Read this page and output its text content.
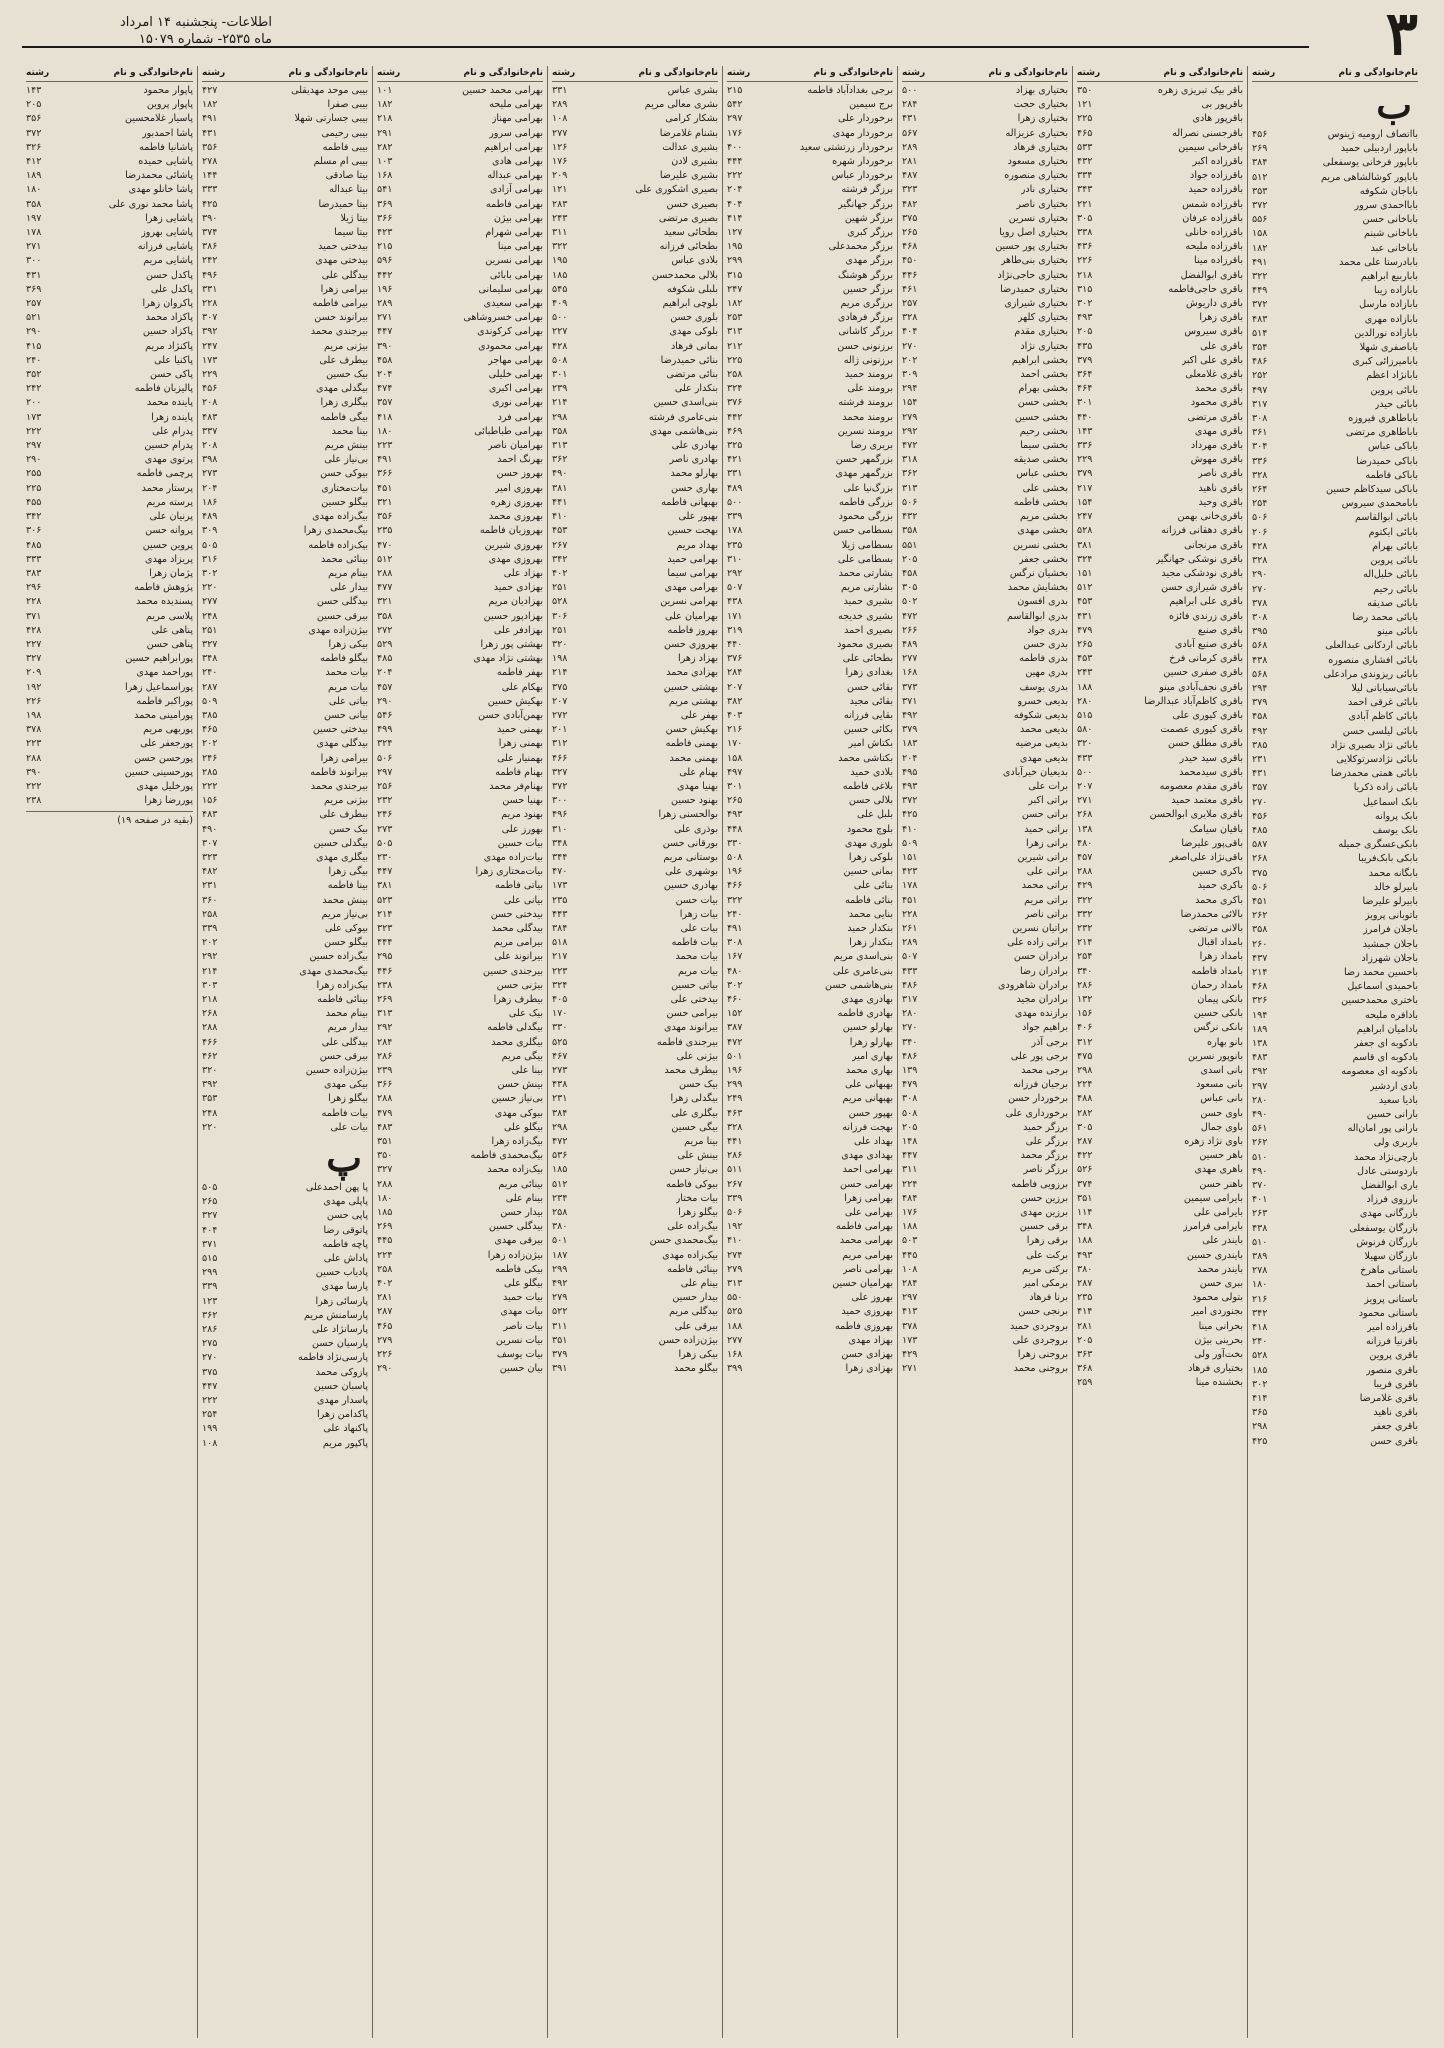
۳
اطلاعات- پنجشنبه ۱۴ امرداد
ماه ۲۵۳۵- شماره ۱۵۰۷۹
نام‌خانوادگی و نام
رشته
ب
بااتصاف ارومیه ژینوس
۴۵۶
باباپور اردبیلی حمید
۲۶۹
باباپور فرخانی یوسفعلی
۳۸۴
باباپور کوشالشاهی مریم
۵۱۲
باباجان شکوفه
۳۵۳
بابااحمدی سرور
۳۷۲
باباخانی حسن
۵۵۶
باباخانی شبنم
۱۵۸
باباخانی عبد
۱۸۲
بابادرستا علی محمد
۴۹۱
باباربیع ابراهیم
۳۲۲
بابازاده زیبا
۴۴۹
بابازاده مارسل
۳۷۲
بابازاده مهری
۴۸۳
بابازاده نورالدین
۵۱۴
باباصفری شهلا
۳۵۴
بابامیرزائی کبری
۴۸۶
بابانژاد اعظم
۲۵۲
بابائی پروین
۴۹۷
بابائی حیدر
۳۱۷
باباطاهری فیروزه
۳۰۸
باباطاهری مرتضی
۳۶۱
باباکی عباس
۳۰۴
باباکی حمیدرضا
۳۳۶
باباکی فاطمه
۳۲۸
باباکی سیدکاظم حسین
۲۶۴
بابامحمدی سیروس
۲۵۴
بابائی ابوالقاسم
۵۰۶
بابائی ایکتوم
۲۰۶
بابائی بهرام
۴۲۸
بابائی پروین
۳۲۸
بابائی خلیل‌اله
۲۹۰
بابائی رحیم
۲۷۰
بابائی صدیقه
۳۷۸
بابائی محمد رضا
۳۰۸
بابائی مینو
۳۹۵
بابائی اردکانی عبدالعلی
۵۶۸
بابائی افشاری منصوره
۴۳۸
بابائی ریزوندی مرادعلی
۵۶۸
بابائی‌سیابانی لیلا
۲۹۴
بابائی غرقی احمد
۳۷۹
بابائی کاظم آبادی
۴۵۸
بابائی لیلسی حسن
۴۹۲
بابائی نژاد بصیری نژاد
۳۸۵
بابائی نژادسرتوکلایی
۲۳۱
بابائی همتی محمدرضا
۴۳۱
بابائی زاده ذکریا
۳۵۷
بابک اسماعیل
۲۷۰
بابک پروانه
۴۵۶
بابک یوسف
۴۸۵
بابکی‌عسگری جمیله
۵۸۷
بابکی بابک‌فریبا
۲۶۸
بابگانه محمد
۳۷۵
بابیرلو خالد
۵۰۶
بابیرلو علیرضا
۴۵۱
باتوبانی پرویز
۲۶۲
باجلان فرامرز
۳۵۸
باجلان جمشید
۲۶۰
باجلان شهرزاد
۴۳۷
باحسین محمد رضا
۲۱۴
باحمیدی اسماعیل
۴۶۸
باختری محمدحسین
۳۲۶
بادافره ملیحه
۱۹۴
بادامیان ابراهیم
۱۸۹
بادکوبه ای جعفر
۱۳۸
بادکوبه ای قاسم
۴۸۳
بادکوبه ای معصومه
۳۹۲
بادی اردشیر
۲۹۷
بادیا سعید
۲۸۰
بارانی حسین
۴۹۰
بارانی پور امان‌اله
۵۶۱
باربری ولی
۲۶۲
بارچی‌نژاد محمد
۵۱۰
باردوستی عادل
۴۹۰
باری ابوالفضل
۳۷۰
بارزوی فرزاد
۴۰۱
بازرگانی مهدی
۲۶۳
بازرگان یوسفعلی
۴۳۸
بازرگان فرنوش
۵۱۰
بازرگان سهیلا
۳۸۹
باستانی ماهرخ
۲۷۸
باستانی احمد
۱۸۰
باستانی پرویز
۲۱۶
باستانی محمود
۳۴۲
باقرزاده امیر
۴۱۸
باقرنیا فرزانه
۲۴۰
باقری پروین
۵۲۸
باقری منصور
۱۸۵
باقری فریبا
۳۰۲
باقری غلامرضا
۴۱۴
باقری ناهید
۳۶۵
باقری جعفر
۲۹۸
باقری حسن
۴۲۵
نام‌خانوادگی و نام
رشته
باقر بیک تبریزی زهره
۳۵۰
باقرپور بی
۱۲۱
باقرپور هادی
۲۲۵
باقرجسنی نصراله
۴۶۵
باقرخانی سیمین
۵۳۳
باقرزاده اکبر
۴۳۲
باقرزاده جواد
۳۳۴
باقرزاده حمید
۳۴۳
باقرزاده شمس
۲۲۱
باقرزاده عرفان
۳۰۵
باقرزاده خانلی
۳۳۸
باقرزاده ملیحه
۴۳۶
باقرزاده مینا
۲۲۶
باقری ابوالفضل
۲۱۸
باقری حاجی‌فاطمه
۳۱۵
باقری داریوش
۳۰۲
باقری زهرا
۴۹۳
باقری سیروس
۲۰۵
باقری علی
۴۳۵
باقری علی اکبر
۳۷۹
باقری غلامعلی
۳۶۴
باقری محمد
۴۶۴
باقری محمود
۳۰۱
باقری مرتضی
۴۴۰
باقری مهدی
۱۴۳
باقری مهرداد
۳۳۶
باقری مهوش
۲۲۹
باقری ناصر
۳۷۹
باقری ناهید
۲۱۷
باقری وحید
۱۵۴
باقری‌خانی بهمن
۲۴۷
باقری دهقانی فرزانه
۵۲۸
باقری مرنجانی
۳۸۱
باقری نوشکی جهانگیر
۳۲۴
باقری نودشکی مجید
۱۵۱
باقری شیرازی حسن
۵۱۲
باقری علی ابراهیم
۴۵۳
باقری زرندی فائزه
۴۳۱
باقری صنیع
۴۷۹
باقری صنیع آبادی
۲۶۵
باقری کرمانی فرخ
۴۵۳
باقری صفری حسین
۲۴۳
باقری نجف‌آبادی مینو
۱۸۸
باقری کاظم‌آباد عبدالرضا
۲۸۰
باقری کیوری علی
۵۱۵
باقری کیوری عصمت
۵۸۰
باقری مطلق حسن
۳۲۰
باقری سید حیدر
۴۳۳
باقری سیدمحمد
۵۰۰
باقری مقدم معصومه
۲۰۷
باقری معتمد حمید
۲۷۱
باقری ملایری ابوالحسن
۲۶۸
باقیان سیامک
۱۳۸
باقی‌پور علیرضا
۴۸۰
باقی‌نژاد علی‌اصغر
۴۵۷
باکری حسین
۲۸۸
باکری حمید
۴۲۹
باکری محمد
۳۲۲
بالائی محمدرضا
۳۳۲
بالانی مرتضی
۲۳۲
بامداد اقبال
۲۱۴
بامداد زهرا
۲۵۴
بامداد فاطمه
۳۴۰
بامداد رحمان
۲۸۶
بانکی پیمان
۱۳۲
بانکی حسین
۱۵۶
بانکی نرگس
۴۰۶
بانو بهاره
۳۱۲
بانوپور نسرین
۴۷۵
بانی اسدی
۲۹۸
بانی مسعود
۲۲۴
بانی عباس
۴۸۸
باوی حسن
۲۸۲
باوی جمال
۳۰۵
باوی نژاد زهره
۲۸۷
باهر حسین
۴۲۲
باهری مهدی
۵۲۶
باهنر حسن
۳۷۴
بایرامی سیمین
۳۵۱
بایرامی علی
۱۱۴
بایرامی فرامرز
۳۴۸
بایندر علی
۱۸۸
بایندری حسین
۴۹۳
بایندر محمد
۳۸۰
ببری حسن
۲۸۷
بتولی محمود
۲۳۵
بجنوردی امیر
۴۱۴
بحرانی مینا
۲۸۱
بحرینی بیژن
۲۰۵
بخت‌آور ولی
۳۶۳
بختیاری فرهاد
۳۶۸
بخشنده مینا
۲۵۹
نام‌خانوادگی و نام
رشته
بختیاری بهزاد
۵۰۰
بختیاری حجت
۲۸۴
بختیاری زهرا
۴۳۱
بختیاری عزیزاله
۵۶۷
بختیاری فرهاد
۲۸۹
بختیاری مسعود
۲۸۱
بختیاری منصوره
۴۸۷
بختیاری نادر
۳۲۳
بختیاری ناصر
۴۸۲
بختیاری نسرین
۳۷۵
بختیاری اصل رویا
۲۶۵
بختیاری پور حسین
۴۶۸
بختیاری بنی‌طاهر
۴۵۰
بختیاری حاجی‌نژاد
۴۴۶
بختیاری حمیدرضا
۴۶۱
بختیاری شیرازی
۲۵۷
بختیاری کلهر
۳۲۸
بختیاری مقدم
۴۰۴
بختیاری نژاد
۲۷۰
بخشی ابراهیم
۲۰۲
بخشی احمد
۳۰۹
بخشی بهرام
۲۹۴
بخشی حسن
۱۵۴
بخشی حسین
۲۷۹
بخشی رحیم
۲۹۲
بخشی سیما
۴۷۲
بخشی صدیقه
۳۱۸
بخشی عباس
۳۶۲
بخشی علی
۳۱۳
بخشی فاطمه
۵۰۶
بخشی مریم
۴۳۲
بخشی مهدی
۳۵۸
بخشی نسرین
۵۵۱
بخشی جعفر
۲۰۵
بخشیان نرگس
۴۵۸
بخشایش محمد
۳۰۵
بدری افسون
۵۰۲
بدری ابوالقاسم
۴۷۲
بدری جواد
۲۶۶
بدری حسن
۴۸۹
بدری فاطمه
۲۷۷
بدری مهین
۱۶۸
بدری یوسف
۳۷۳
بدیعی خسرو
۳۷۱
بدیعی شکوفه
۴۹۲
بدیعی محمد
۳۷۹
بدیعی مرضیه
۱۸۳
بدیعی مهدی
۲۰۴
بدیعیان خیرآبادی
۴۹۵
برات علی
۴۹۳
براتی اکبر
۳۷۲
براتی حسن
۴۲۵
براتی حمید
۴۱۰
براتی زهرا
۵۰۹
براتی شیرین
۱۵۱
براتی علی
۴۲۳
براتی محمد
۱۷۸
براتی مریم
۴۵۱
براتی ناصر
۲۲۸
براتیان نسرین
۲۶۱
براتی زاده علی
۲۸۹
برادران حسن
۵۰۷
برادران رضا
۴۳۳
برادران شاهرودی
۴۸۶
برادران مجید
۳۱۷
برازنده مهدی
۲۸۰
براهیم جواد
۲۷۰
برجی آذر
۳۴۰
برجی پور علی
۴۸۶
برجی محمد
۱۳۹
برجیان فرزانه
۴۷۹
برخوردار حسن
۳۰۸
برخورداری علی
۵۰۸
برزگر حمید
۲۰۵
برزگر علی
۱۴۸
برزگر محمد
۴۴۷
برزگر ناصر
۳۱۱
برزویی فاطمه
۲۲۴
برزین حسن
۴۸۴
برزین مهدی
۱۷۶
برقی حسین
۱۸۸
برقی زهرا
۵۰۳
برکت علی
۴۴۵
برکتی مریم
۱۰۸
برمکی امیر
۲۸۴
برنا فرهاد
۲۹۷
برنجی حسن
۴۱۳
بروجردی حمید
۳۷۸
بروجردی علی
۱۷۳
بروجنی زهرا
۴۲۹
بروجنی محمد
۲۷۱
نام‌خانوادگی و نام
رشته
برجی بغدادآباد فاطمه
۲۱۵
برج سیمین
۵۴۲
برخوردار علی
۲۹۷
برخوردار مهدی
۱۷۶
برخوردار زرتشتی سعید
۴۰۰
برخوردار شهره
۴۴۴
برخوردار عباس
۲۲۲
برزگر فرشته
۲۰۴
برزگر جهانگیر
۴۰۴
برزگر شهین
۴۱۴
برزگر کبری
۱۲۷
برزگر محمدعلی
۱۹۵
برزگر مهدی
۲۹۹
برزگر هوشنگ
۳۱۵
برزگر حسین
۲۴۷
برزگری مریم
۱۸۲
برزگر فرهادی
۲۵۳
برزگر کاشانی
۳۱۳
برزنونی حسن
۲۱۲
برزنونی ژاله
۲۲۵
برومند حمید
۲۵۸
برومند علی
۳۲۴
برومند فرشته
۳۷۶
برومند محمد
۴۴۲
برومند نسرین
۴۶۹
بریری رضا
۳۲۵
بزرگمهر حسن
۴۲۱
بزرگمهر مهدی
۳۳۱
بزرگ‌نیا علی
۴۸۹
بزرگی فاطمه
۵۰۰
بزرگی محمود
۳۳۹
بسطامی حسن
۱۷۸
بسطامی ژیلا
۲۳۵
بسطامی علی
۳۱۰
بشارتی محمد
۲۹۲
بشارتی مریم
۵۰۷
بشیری حمید
۴۳۸
بشیری خدیجه
۱۷۱
بصیری احمد
۳۱۹
بصیری محمود
۴۴۰
بطحائی علی
۳۷۶
بغدادی زهرا
۲۸۴
بقائی حسن
۲۰۷
بقائی مجید
۳۸۲
بقایی فرزانه
۴۰۳
بکائی حسین
۲۱۶
بکتاش امیر
۱۷۰
بکتاشی محمد
۱۵۸
بلادی حمید
۴۹۷
بلاغی فاطمه
۳۰۱
بلالی حسن
۲۶۵
بلبل علی
۴۹۳
بلوچ محمود
۴۴۸
بلوری مهدی
۳۳۰
بلوکی زهرا
۵۰۸
بمانی حسین
۱۹۶
بنائی علی
۴۶۶
بنائی فاطمه
۳۲۲
بنایی محمد
۲۴۰
بنکدار حمید
۴۹۱
بنکدار زهرا
۳۰۸
بنی‌اسدی مریم
۱۶۷
بنی‌عامری علی
۴۸۰
بنی‌هاشمی حسن
۳۰۲
بهادری مهدی
۴۶۰
بهادری فاطمه
۱۵۲
بهارلو حسین
۳۸۷
بهارلو زهرا
۴۷۲
بهاری امیر
۵۰۱
بهاری محمد
۱۹۶
بهبهانی علی
۲۹۹
بهبهانی مریم
۲۴۹
بهپور حسن
۴۶۳
بهجت فرزانه
۳۲۸
بهداد علی
۴۴۱
بهدادی مهدی
۲۸۶
بهرامی احمد
۵۱۱
بهرامی حسن
۲۶۷
بهرامی زهرا
۳۳۹
بهرامی علی
۵۰۶
بهرامی فاطمه
۱۹۲
بهرامی محمد
۴۱۰
بهرامی مریم
۲۷۴
بهرامی ناصر
۲۷۹
بهرامیان حسین
۳۱۳
بهروز علی
۵۵۰
بهروزی حمید
۵۲۵
بهروزی فاطمه
۱۸۸
بهزاد مهدی
۲۷۷
بهزادی حسن
۱۶۸
بهزادی زهرا
۳۹۹
نام‌خانوادگی و نام
رشته
بشری عباس
۳۳۱
بشری معالی مریم
۲۸۹
بشکار کرامی
۱۰۸
بشنام غلامرضا
۲۷۷
بشیری عدالت
۱۲۶
بشیری لادن
۱۷۶
بشیری علیرضا
۲۰۹
بصیری اشکوری علی
۱۲۱
بصیری حسن
۲۸۳
بصیری مرتضی
۲۴۳
بطحائی سعید
۳۱۱
بطحائی فرزانه
۳۲۲
بلادی عباس
۱۹۵
بلالی محمدحسن
۱۸۵
بلبلی شکوفه
۵۴۵
بلوچی ابراهیم
۴۰۹
بلوری حسن
۵۰۰
بلوکی مهدی
۲۲۷
بمانی فرهاد
۴۲۸
بنائی حمیدرضا
۵۰۸
بنائی مرتضی
۳۰۱
بنکدار علی
۲۳۹
بنی‌اسدی حسین
۲۱۴
بنی‌عامری فرشته
۲۹۸
بنی‌هاشمی مهدی
۳۵۸
بهادری علی
۳۱۳
بهادری ناصر
۳۶۲
بهارلو محمد
۴۹۰
بهاری حسن
۳۸۱
بهبهانی فاطمه
۴۴۱
بهپور علی
۴۱۰
بهجت حسین
۴۵۳
بهداد مریم
۲۶۷
بهرامی حمید
۳۴۲
بهرامی سیما
۴۰۲
بهرامی مهدی
۲۵۱
بهرامی نسرین
۵۲۸
بهرامیان علی
۳۰۶
بهروز فاطمه
۲۵۱
بهروزی حسن
۳۲۰
بهزاد زهرا
۱۹۸
بهزادی محمد
۲۱۴
بهشتی حسین
۳۷۵
بهشتی مریم
۲۰۷
بهفر علی
۲۷۲
بهکیش حسن
۲۰۱
بهمنی فاطمه
۳۱۲
بهمنی محمد
۴۶۶
بهنام علی
۳۲۷
بهنیا مهدی
۳۷۲
بهنود حسین
۳۰۰
بوالحسنی زهرا
۴۹۶
بوذری علی
۳۱۰
بورقانی حسن
۳۴۸
بوستانی مریم
۳۴۴
بوشهری علی
۴۷۰
بهادری حسین
۱۷۳
بیات حسن
۲۳۵
بیات زهرا
۴۴۳
بیات علی
۳۸۴
بیات فاطمه
۵۱۸
بیات محمد
۲۱۷
بیات مریم
۲۲۳
بیاتی حسین
۳۲۴
بیدختی علی
۴۰۵
بیرامی حسن
۱۷۰
بیرانوند مهدی
۳۳۰
بیرجندی فاطمه
۵۲۵
بیژنی علی
۴۶۷
بیطرف محمد
۲۷۳
بیک حسن
۴۳۸
بیگدلی زهرا
۲۳۱
بیگلری علی
۳۸۴
بیگی حسین
۲۹۸
بینا مریم
۴۷۲
بینش علی
۵۳۶
بی‌نیاز حسن
۱۸۵
بیوکی فاطمه
۵۱۲
بیات مختار
۲۳۴
بیگلو زهرا
۲۵۸
بیگ‌زاده علی
۳۸۰
بیگ‌محمدی حسن
۵۰۱
بیک‌زاده مهدی
۱۸۷
بینائی فاطمه
۲۹۹
بینام علی
۴۹۲
بیدار حسین
۲۷۹
بیدگلی مریم
۵۲۲
بیرقی علی
۳۱۱
بیژن‌زاده حسن
۳۵۱
بیکی زهرا
۳۷۹
بیگلو محمد
۳۹۱
نام‌خانوادگی و نام
رشته
بهرامی محمد حسین
۱۰۱
بهرامی ملیحه
۱۸۲
بهرامی مهناز
۲۱۸
بهرامی سرور
۲۹۱
بهرامی ابراهیم
۲۸۲
بهرامی هادی
۱۰۳
بهرامی عبداله
۱۶۸
بهرامی آزادی
۵۴۱
بهرامی فاطمه
۳۶۹
بهرامی بیژن
۳۶۶
بهرامی شهرام
۴۲۳
بهرامی مینا
۲۱۵
بهرامی نسرین
۵۹۶
بهرامی بابائی
۴۴۲
بهرامی سلیمانی
۱۹۶
بهرامی سعیدی
۲۸۹
بهرامی خسروشاهی
۲۷۱
بهرامی کرکوندی
۴۴۷
بهرامی محمودی
۳۹۰
بهرامی مهاجر
۴۵۸
بهرامی خلیلی
۲۰۴
بهرامی اکبری
۴۷۴
بهرامی نوری
۳۵۷
بهرامی فرد
۴۱۸
بهرامی طباطبائی
۱۸۰
بهرامیان ناصر
۲۲۳
بهرنگ احمد
۴۹۱
بهروز حسن
۳۶۶
بهروزی امیر
۴۵۱
بهروزی زهره
۳۲۱
بهروزی محمد
۳۵۶
بهروزیان فاطمه
۲۳۵
بهروزی شیرین
۴۷۰
بهروزی مهدی
۵۱۲
بهزاد علی
۲۸۸
بهزادی حمید
۴۷۷
بهزادیان مریم
۳۲۱
بهزادپور حسین
۳۵۸
بهزادفر علی
۲۷۲
بهشتی پور زهرا
۵۲۹
بهشتی نژاد مهدی
۴۸۵
بهفر فاطمه
۲۰۴
بهکام علی
۴۵۷
بهکیش حسین
۲۹۰
بهمن‌آبادی حسن
۵۴۶
بهمنی حمید
۴۹۹
بهمنی زهرا
۳۲۴
بهمنیار علی
۵۰۶
بهنام فاطمه
۲۹۷
بهنام‌فر محمد
۲۵۶
بهنیا حسن
۲۳۲
بهنود مریم
۲۴۶
بهورز علی
۲۷۳
بیات حسین
۵۰۵
بیات‌زاده مهدی
۲۳۰
بیات‌مختاری زهرا
۴۴۷
بیاتی فاطمه
۳۸۱
بیانی علی
۵۲۳
بیدختی حسن
۲۱۴
بیدگلی محمد
۳۲۳
بیرامی مریم
۴۴۴
بیرانوند علی
۲۹۵
بیرجندی حسین
۴۴۶
بیژنی حسن
۲۳۸
بیطرف زهرا
۲۶۹
بیک علی
۳۱۳
بیگدلی فاطمه
۲۹۲
بیگلری محمد
۲۸۴
بیگی مریم
۲۸۶
بینا علی
۲۳۹
بینش حسن
۳۶۶
بی‌نیاز حسین
۲۸۸
بیوکی مهدی
۴۷۹
بیگلو علی
۴۸۳
بیگ‌زاده زهرا
۳۵۱
بیگ‌محمدی فاطمه
۳۵۰
بیک‌زاده محمد
۳۲۷
بینائی مریم
۲۸۸
بینام علی
۱۸۰
بیدار حسن
۱۸۵
بیدگلی حسین
۲۶۹
بیرقی مهدی
۴۴۵
بیژن‌زاده زهرا
۲۲۴
بیکی فاطمه
۲۵۸
بیگلو علی
۴۰۲
بیات حمید
۲۸۱
بیات مهدی
۲۸۷
بیات ناصر
۴۶۵
بیات نسرین
۲۷۹
بیات یوسف
۲۲۶
بیان حسین
۲۹۰
نام‌خانوادگی و نام
رشته
بیبی موحد مهدیقلی
۴۲۷
بیبی صفرا
۱۸۲
بیبی جسارتی شهلا
۴۹۱
بیبی رحیمی
۴۳۱
بیبی فاطمه
۳۵۶
بیبی ام مسلم
۲۷۸
بیتا صادقی
۱۴۴
بیتا عبداله
۳۳۳
بیتا حمیدرضا
۴۲۵
بیتا ژیلا
۳۹۰
بیتا سیما
۳۷۴
بیدختی حمید
۳۸۶
بیدختی مهدی
۲۴۲
بیدگلی علی
۴۹۶
بیرامی زهرا
۳۳۱
بیرامی فاطمه
۲۲۸
بیرانوند حسن
۳۰۷
بیرجندی محمد
۳۹۲
بیژنی مریم
۲۴۷
بیطرف علی
۱۷۳
بیک حسین
۲۲۹
بیگدلی مهدی
۴۵۶
بیگلری زهرا
۲۰۸
بیگی فاطمه
۴۸۳
بینا محمد
۳۳۷
بینش مریم
۲۰۸
بی‌نیاز علی
۳۹۸
بیوکی حسن
۲۷۳
بیات‌مختاری
۲۰۴
بیگلو حسین
۱۸۶
بیگ‌زاده مهدی
۴۸۹
بیگ‌محمدی زهرا
۳۰۹
بیک‌زاده فاطمه
۵۰۵
بینائی محمد
۳۱۶
بینام مریم
۳۰۲
بیدار علی
۲۲۰
بیدگلی حسن
۲۷۷
بیرقی حسین
۲۴۸
بیژن‌زاده مهدی
۲۵۱
بیکی زهرا
۳۲۷
بیگلو فاطمه
۳۴۸
بیات محمد
۲۴۰
بیات مریم
۲۸۷
بیاتی علی
۵۰۹
بیانی حسن
۳۸۵
بیدختی حسین
۴۶۵
بیدگلی مهدی
۲۰۲
بیرامی زهرا
۲۴۶
بیرانوند فاطمه
۲۸۵
بیرجندی محمد
۲۲۲
بیژنی مریم
۱۵۶
بیطرف علی
۴۸۳
بیک حسن
۴۹۰
بیگدلی حسین
۳۰۷
بیگلری مهدی
۳۲۳
بیگی زهرا
۴۸۲
بینا فاطمه
۲۳۱
بینش محمد
۳۶۰
بی‌نیاز مریم
۲۵۸
بیوکی علی
۳۳۹
بیگلو حسن
۲۰۲
بیگ‌زاده حسین
۲۹۲
بیگ‌محمدی مهدی
۲۱۴
بیک‌زاده زهرا
۳۰۳
بینائی فاطمه
۲۱۸
بینام محمد
۲۶۸
بیدار مریم
۲۸۸
بیدگلی علی
۴۶۶
بیرقی حسن
۴۶۲
بیژن‌زاده حسین
۳۲۰
بیکی مهدی
۳۹۲
بیگلو زهرا
۳۵۳
بیات فاطمه
۲۴۸
بیات علی
۲۲۰
پ
پا پهن احمدعلی
۵۰۵
پاپلی مهدی
۲۶۵
پاپی حسن
۳۲۷
پاتوقی رضا
۴۰۴
پاچه فاطمه
۳۷۱
پاداش علی
۵۱۵
پادیاب حسین
۲۹۹
پارسا مهدی
۳۳۹
پارسائی زهرا
۱۲۳
پارسامنش مریم
۳۶۲
پارسانژاد علی
۲۸۶
پارسیان حسن
۲۷۵
پارسی‌نژاد فاطمه
۲۷۰
پازوکی محمد
۳۷۵
پاسبان حسین
۴۴۷
پاسدار مهدی
۲۲۲
پاکدامن زهرا
۲۵۴
پاکنهاد علی
۱۹۹
پاکپور مریم
۱۰۸
نام‌خانوادگی و نام
رشته
پاپوار محمود
۱۴۳
پاپوار پروین
۲۰۵
پاسیار غلامحسین
۳۵۶
پاشا احمدبور
۳۷۲
پاشانیا فاطمه
۳۲۶
پاشایی حمیده
۴۱۲
پاشائی محمدرضا
۱۸۹
پاشا خانلو مهدی
۱۸۰
پاشا محمد نوری علی
۳۵۸
پاشایی زهرا
۱۹۷
پاشایی بهروز
۱۷۸
پاشایی فرزانه
۲۷۱
پاشایی مریم
۳۰۰
پاکدل حسن
۴۳۱
پاکدل علی
۳۶۹
پاکروان زهرا
۲۵۷
پاکزاد محمد
۵۲۱
پاکزاد حسین
۲۹۰
پاکنژاد مریم
۴۱۵
پاکنیا علی
۲۴۰
پاکی حسن
۳۵۲
پالیزبان فاطمه
۲۴۲
پاینده محمد
۲۰۰
پاینده زهرا
۱۷۳
پدرام علی
۲۲۲
پدرام حسین
۲۹۷
پرتوی مهدی
۲۹۰
پرچمی فاطمه
۲۵۵
پرستار محمد
۲۲۵
پرسته مریم
۴۵۵
پرنیان علی
۳۴۲
پروانه حسن
۳۰۶
پروین حسین
۴۸۵
پریزاد مهدی
۳۳۳
پژمان زهرا
۳۸۳
پژوهش فاطمه
۲۹۶
پسندیده محمد
۲۲۸
پلاسی مریم
۳۷۱
پناهی علی
۴۲۸
پناهی حسن
۲۲۷
پورابراهیم حسین
۳۲۷
پوراحمد مهدی
۲۰۹
پوراسماعیل زهرا
۱۹۲
پوراکبر فاطمه
۲۲۶
پورامینی محمد
۱۹۸
پوربهی مریم
۳۷۸
پورجعفر علی
۲۲۳
پورحسن حسن
۲۸۸
پورحسینی حسین
۳۹۰
پورخلیل مهدی
۲۲۲
پوررضا زهرا
۲۳۸
(بقیه در صفحه ۱۹)
